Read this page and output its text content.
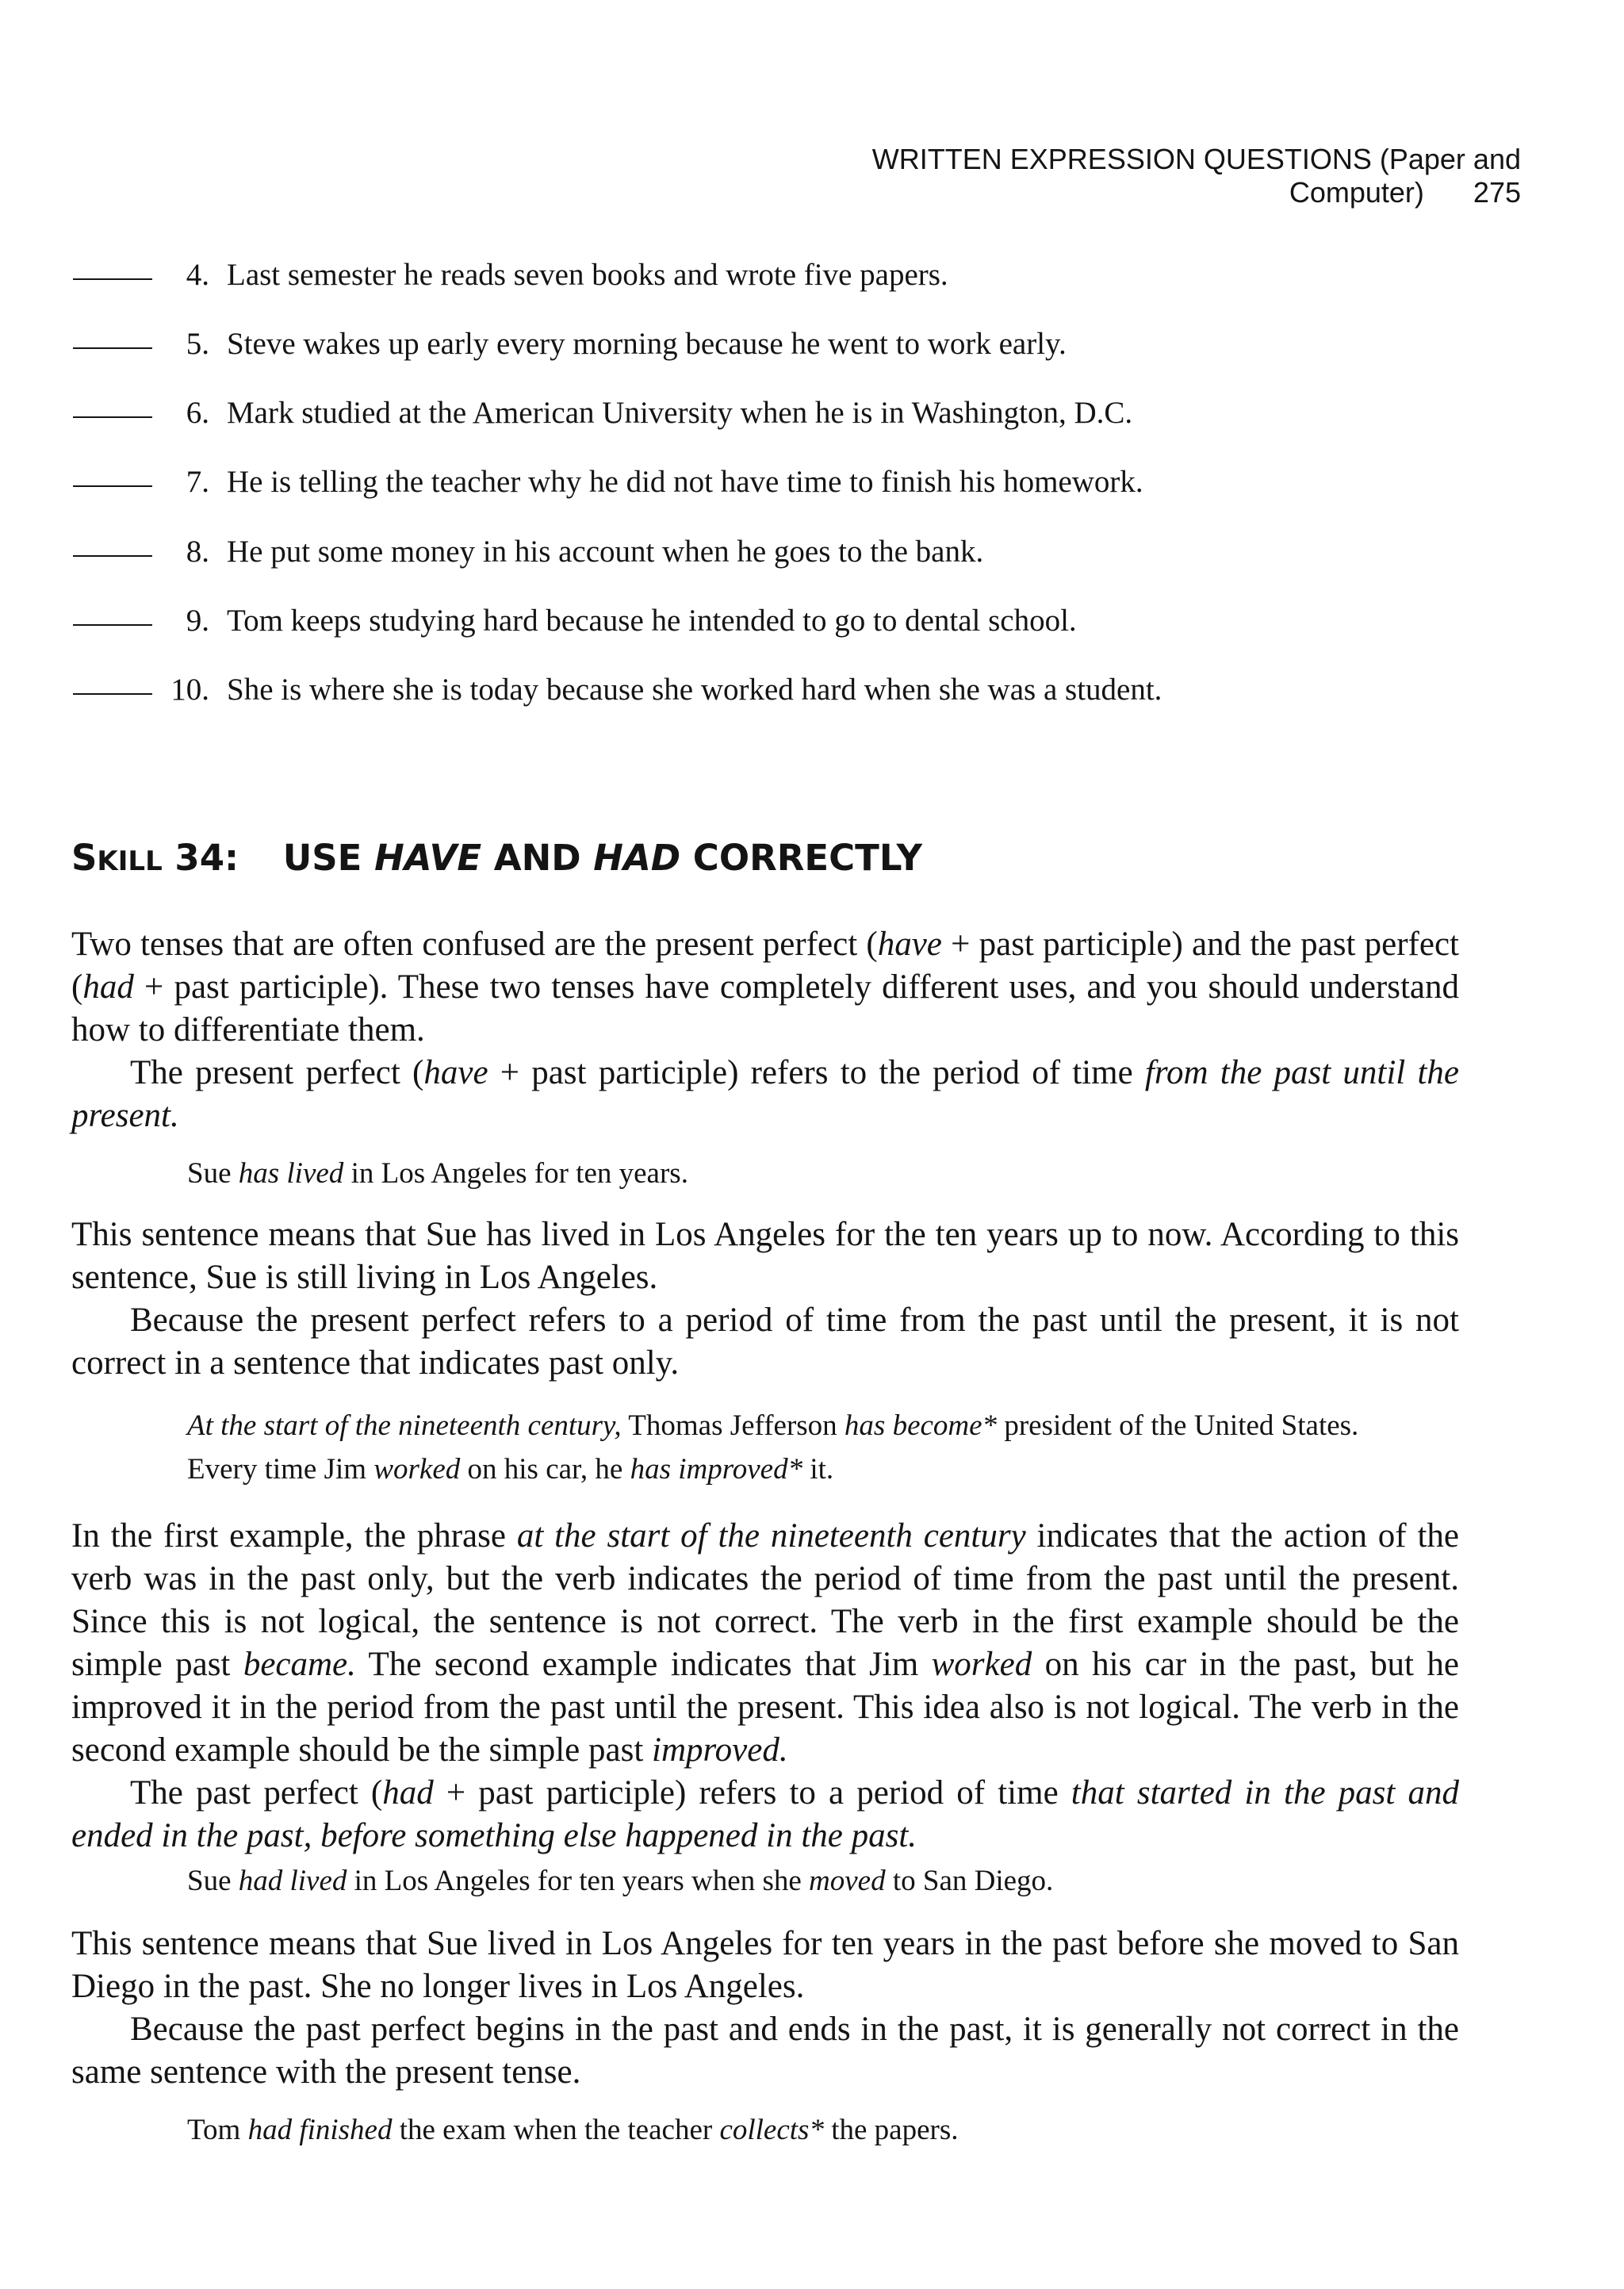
WRITTEN EXPRESSION QUESTIONS (Paper and Computer) 275
4. Last semester he reads seven books and wrote five papers.
5. Steve wakes up early every morning because he went to work early.
6. Mark studied at the American University when he is in Washington, D.C.
7. He is telling the teacher why he did not have time to finish his homework.
8. He put some money in his account when he goes to the bank.
9. Tom keeps studying hard because he intended to go to dental school.
10. She is where she is today because she worked hard when she was a student.
SKILL 34: USE HAVE AND HAD CORRECTLY

Two tenses that are often confused are the present perfect (have + past participle) and the past perfect (had + past participle). These two tenses have completely different uses, and you should understand how to differentiate them.

The present perfect (have + past participle) refers to the period of time from the past until the present.

Sue has lived in Los Angeles for ten years.

This sentence means that Sue has lived in Los Angeles for the ten years up to now. According to this sentence, Sue is still living in Los Angeles.

Because the present perfect refers to a period of time from the past until the present, it is not correct in a sentence that indicates past only.

At the start of the nineteenth century, Thomas Jefferson has become* president of the United States.
Every time Jim worked on his car, he has improved* it.

In the first example, the phrase at the start of the nineteenth century indicates that the action of the verb was in the past only, but the verb indicates the period of time from the past until the present. Since this is not logical, the sentence is not correct. The verb in the first example should be the simple past became. The second example indicates that Jim worked on his car in the past, but he improved it in the period from the past until the present. This idea also is not logical. The verb in the second example should be the simple past improved.

The past perfect (had + past participle) refers to a period of time that started in the past and ended in the past, before something else happened in the past.

Sue had lived in Los Angeles for ten years when she moved to San Diego.

This sentence means that Sue lived in Los Angeles for ten years in the past before she moved to San Diego in the past. She no longer lives in Los Angeles.

Because the past perfect begins in the past and ends in the past, it is generally not correct in the same sentence with the present tense.

Tom had finished the exam when the teacher collects* the papers.
